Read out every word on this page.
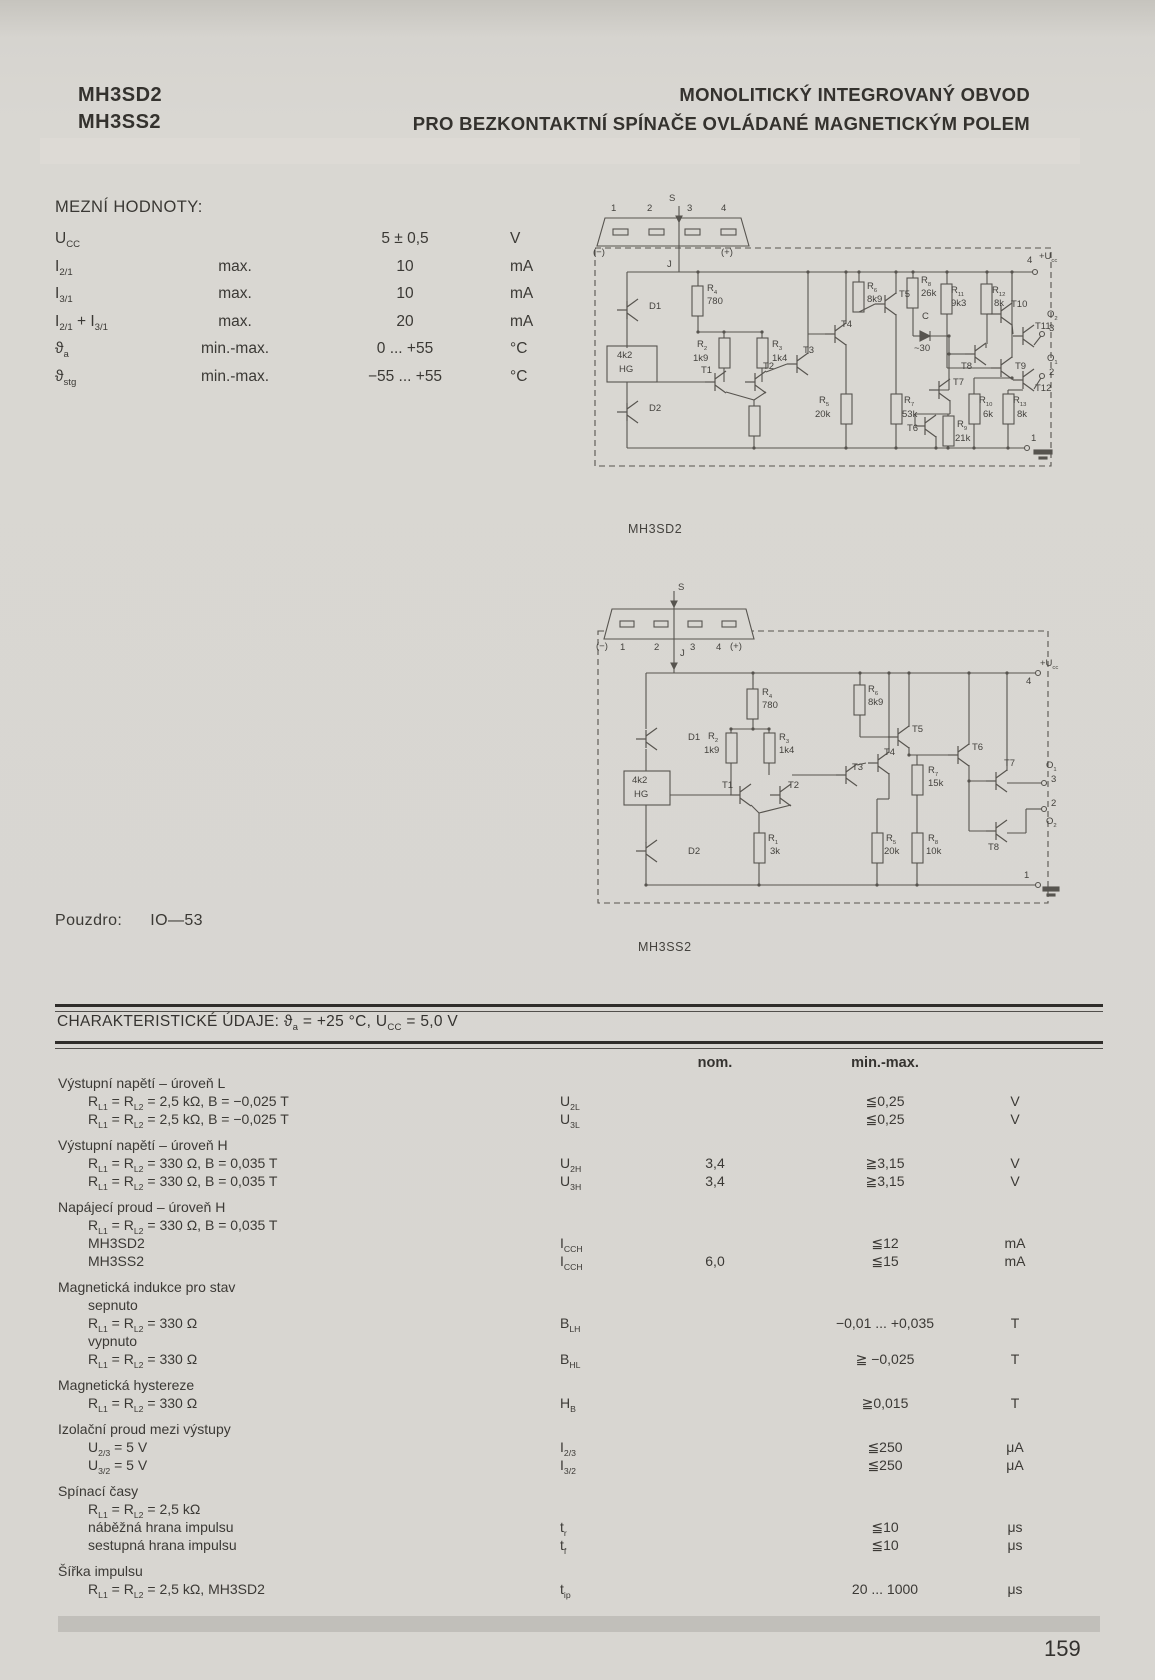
MH3SD2
MH3SS2
MONOLITICKÝ INTEGROVANÝ OBVOD
PRO BEZKONTAKTNÍ SPÍNAČE OVLÁDANÉ MAGNETICKÝM POLEM
MEZNÍ HODNOTY:
$U_{CC}$	5 ± 0,5	V
$I_{2/1}$	max.	10	mA
$I_{3/1}$	max.	10	mA
$I_{2/1} + I_{3/1}$	max.	20	mA
$ϑ_a$	min.-max.	0 ... +55	°C
$ϑ_{stg}$	min.-max.	−55 ... +55	°C
1	2
S
3	4
(−)	(+)
J
$R_4$
780
$R_2$
1k9
$R_3$
1k4
D1
D2
4k2
HG	T1	T2
T3
T4
T5
$R_6$
8k9
$R_8$
26k $R_{11}$
9k3
$R_{12}$
8k
C
~30
T6
T7
T8	T9
T10
T11
T12
$R_5$
20k
$R_7$
53k
$R_9$
21k
$R_{10}$
6k
$R_{13}$
8k
$4 +U_{cc}$
$O_2$
3
$O_1$
2
1
MH3SD2
S
(−) 1	2
J
3 4 (+)
$R_4$
780
$R_2$
1k9
$R_3$
1k4
$R_6$
8k9
D1
D2
4k2
HG
T1	T2
T3
T4
T5
T6
T7
T8
$R_7$
15k
$R_1$
3k
$R_5$
20k
$R_8$
10k
4
$+U_{cc}$
$O_1$
3
2
$O_2$
1
MH3SS2
Pouzdro: IO—53
CHARAKTERISTICKÉ ÚDAJE: $ϑ_a = +25$ °C, $U_{CC} = 5,0$ V
nom.	min.-max.
Výstupní napětí – úroveň L
$R_{L1} = R_{L2} = 2,5$ kΩ, B = −0,025 T	$U_{2L}$	≦0,25	V
$R_{L1} = R_{L2} = 2,5$ kΩ, B = −0,025 T	$U_{3L}$	≦0,25	V
Výstupní napětí – úroveň H
$R_{L1} = R_{L2} = 330$ Ω, B = 0,035 T	$U_{2H}$	3,4	≧3,15	V
$R_{L1} = R_{L2} = 330$ Ω, B = 0,035 T	$U_{3H}$	3,4	≧3,15	V
Napájecí proud – úroveň H
$R_{L1} = R_{L2} = 330$ Ω, B = 0,035 T
MH3SD2	$I_{CCH}$	≦12	mA
MH3SS2	$I_{CCH}$	6,0	≦15	mA
Magnetická indukce pro stav
sepnuto
$R_{L1} = R_{L2} = 330$ Ω	$B_{LH}$	−0,01 ... +0,035	T
vypnuto
$R_{L1} = R_{L2} = 330$ Ω	$B_{HL}$	≧ −0,025	T
Magnetická hystereze
$R_{L1} = R_{L2} = 330$ Ω	$H_B$	≧0,015	T
Izolační proud mezi výstupy
$U_{2/3} = 5$ V	$I_{2/3}$	≦250	μA
$U_{3/2} = 5$ V	$I_{3/2}$	≦250	μA
Spínací časy
$R_{L1} = R_{L2} = 2,5$ kΩ
náběžná hrana impulsu	$t_r$	≦10	μs
sestupná hrana impulsu	$t_f$	≦10	μs
Šířka impulsu
$R_{L1} = R_{L2} = 2,5$ kΩ, MH3SD2	$t_{ip}$	20 ... 1000	μs
159
